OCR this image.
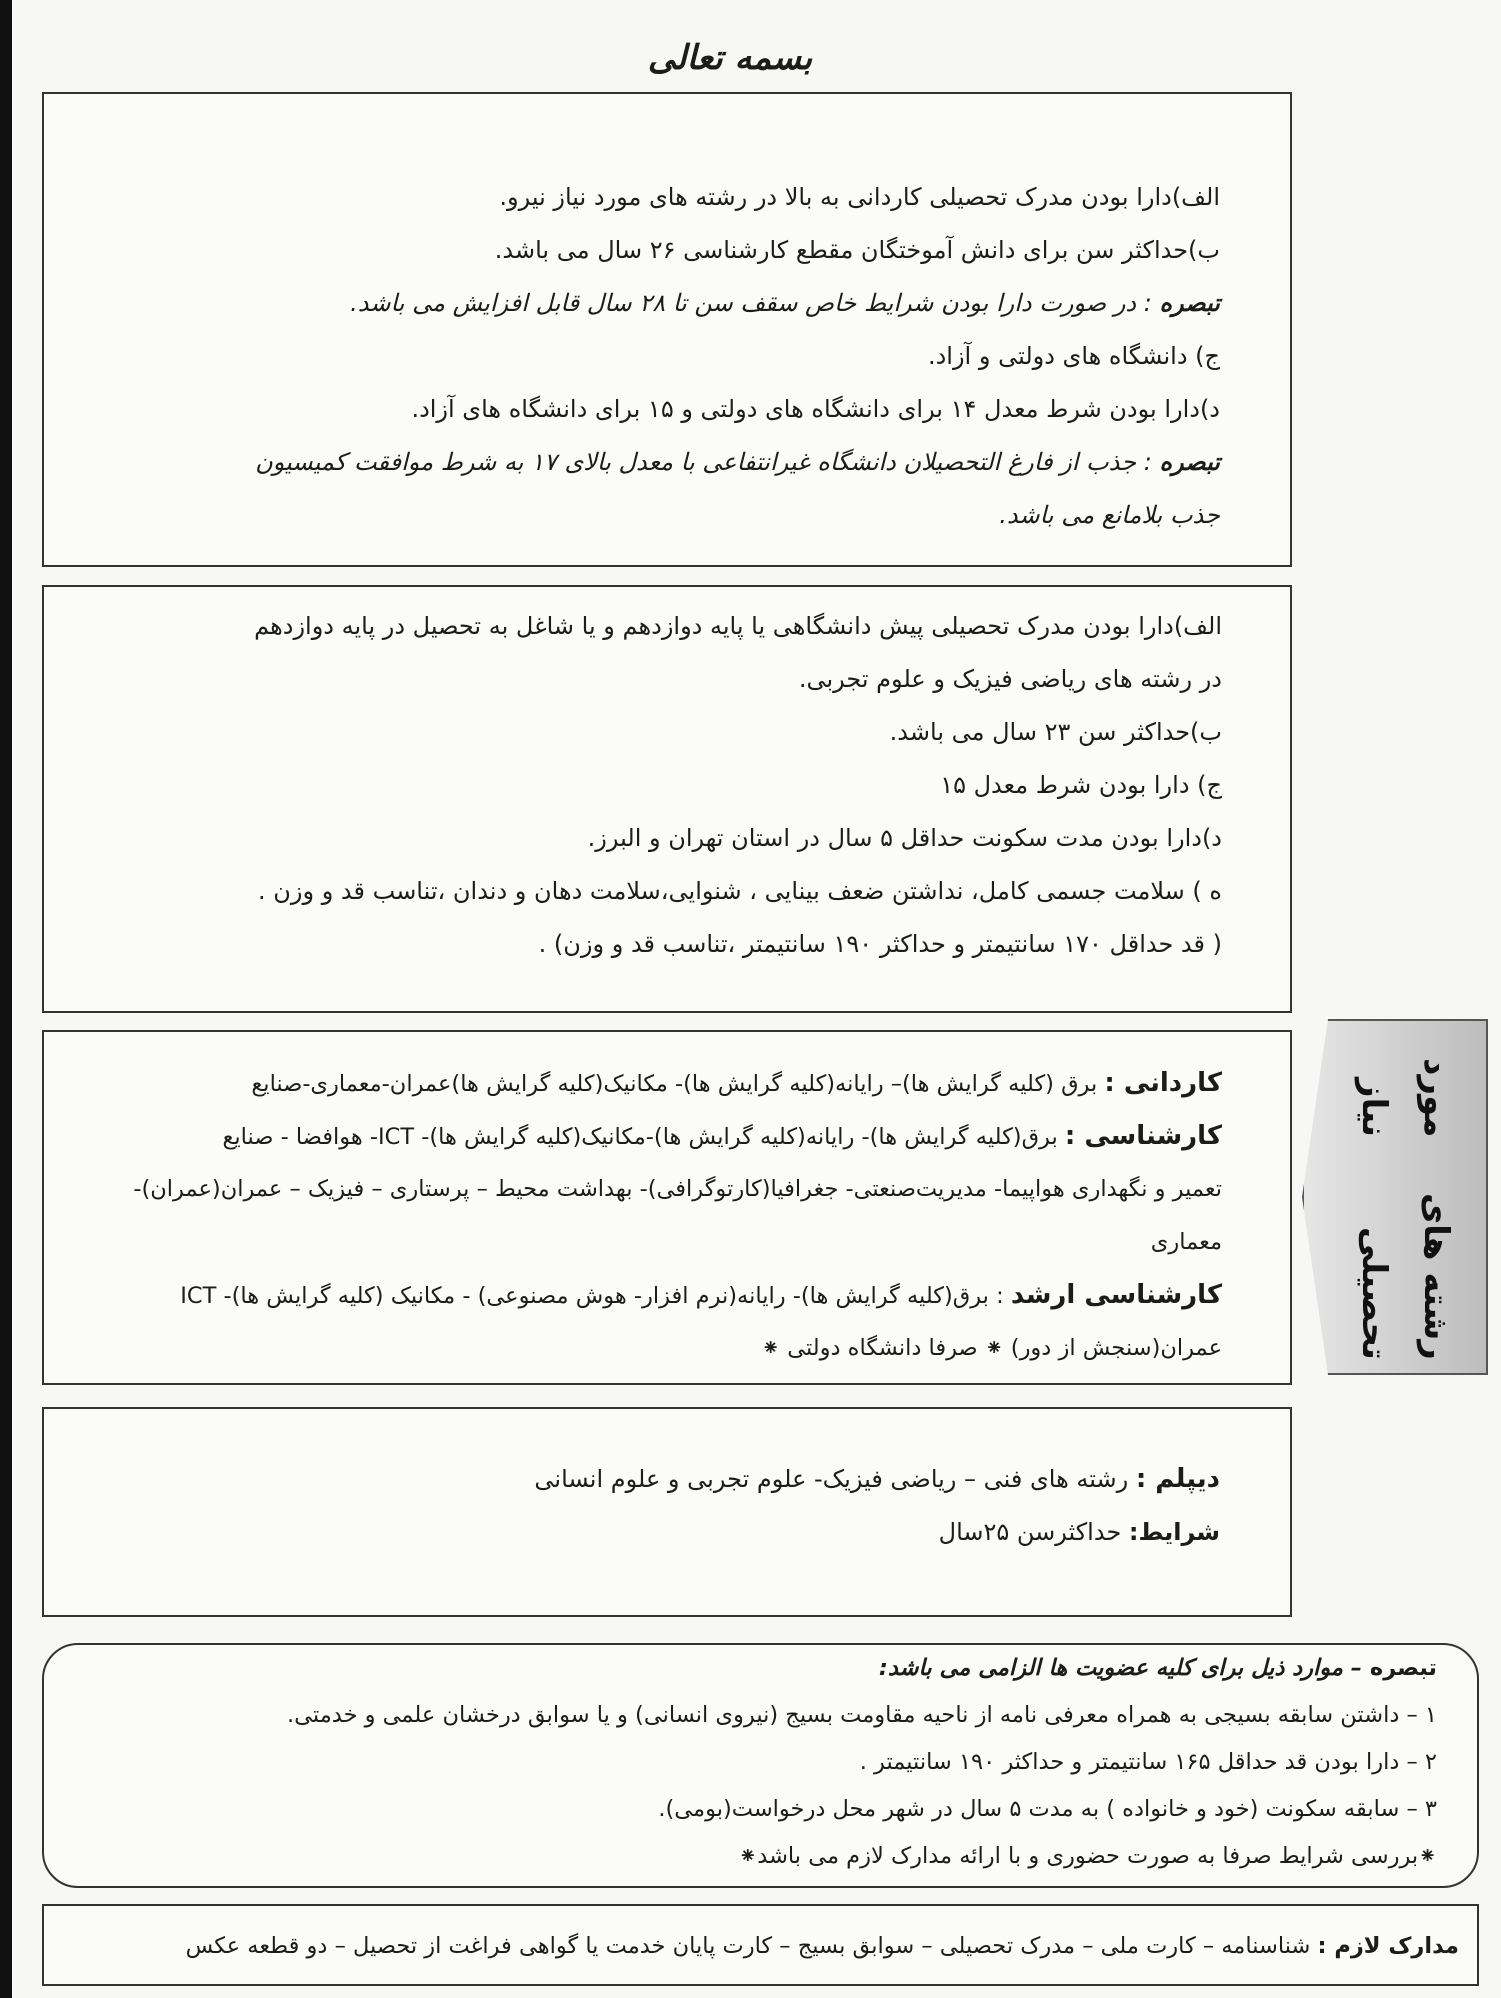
بسمه تعالی
الف)دارا بودن مدرک تحصیلی کاردانی به بالا در رشته های مورد نیاز نیرو.
ب)حداکثر سن برای دانش آموختگان مقطع کارشناسی ۲۶ سال می باشد.
تبصره : در صورت دارا بودن شرایط خاص سقف سن تا ۲۸ سال قابل افزایش می باشد.
ج) دانشگاه های دولتی و آزاد.
د)دارا بودن شرط معدل ۱۴ برای دانشگاه های دولتی و ۱۵ برای دانشگاه های آزاد.
تبصره : جذب از فارغ التحصیلان دانشگاه غیرانتفاعی با معدل بالای ۱۷ به شرط موافقت کمیسیون
جذب بلامانع می باشد.
الف)دارا بودن مدرک تحصیلی پیش دانشگاهی یا پایه دوازدهم و یا شاغل به تحصیل در پایه دوازدهم
در رشته های ریاضی فیزیک و علوم تجربی.
ب)حداکثر سن ۲۳ سال می باشد.
ج) دارا بودن شرط معدل ۱۵
د)دارا بودن مدت سکونت حداقل ۵ سال در استان تهران و البرز.
ه ) سلامت جسمی کامل، نداشتن ضعف بینایی ، شنوایی،سلامت دهان و دندان ،تناسب قد و وزن .
( قد حداقل ۱۷۰ سانتیمتر و حداکثر ۱۹۰ سانتیمتر ،تناسب قد و وزن) .
کاردانی : برق (کلیه گرایش ها)– رایانه(کلیه گرایش ها)- مکانیک(کلیه گرایش ها)عمران-معماری-صنایع
کارشناسی : برق(کلیه گرایش ها)- رایانه(کلیه گرایش ها)-مکانیک(کلیه گرایش ها)- ICT- هوافضا - صنایع
تعمیر و نگهداری هواپیما- مدیریت‌صنعتی- جغرافیا(کارتوگرافی)- بهداشت محیط – پرستاری – فیزیک – عمران(عمران)-
معماری
کارشناسی ارشد : برق(کلیه گرایش ها)- رایانه(نرم افزار- هوش مصنوعی) - مکانیک (کلیه گرایش ها)- ICT
عمران(سنجش از دور) ⁕ صرفا دانشگاه دولتی ⁕	رشته های تحصیلی
مورد نیاز
دیپلم : رشته های فنی – ریاضی فیزیک- علوم تجربی و علوم انسانی
شرایط: حداکثرسن ۲۵سال
تبصره – موارد ذیل برای کلیه عضویت ها الزامی می باشد:
۱ – داشتن سابقه بسیجی به همراه معرفی نامه از ناحیه مقاومت بسیج (نیروی انسانی) و یا سوابق درخشان علمی و خدمتی.
۲ – دارا بودن قد حداقل ۱۶۵ سانتیمتر و حداکثر ۱۹۰ سانتیمتر .
۳ – سابقه سکونت (خود و خانواده ) به مدت ۵ سال در شهر محل درخواست(بومی).
⁕بررسی شرایط صرفا به صورت حضوری و با ارائه مدارک لازم می باشد⁕
مدارک لازم : شناسنامه – کارت ملی – مدرک تحصیلی – سوابق بسیج – کارت پایان خدمت یا گواهی فراغت از تحصیل – دو قطعه عکس
